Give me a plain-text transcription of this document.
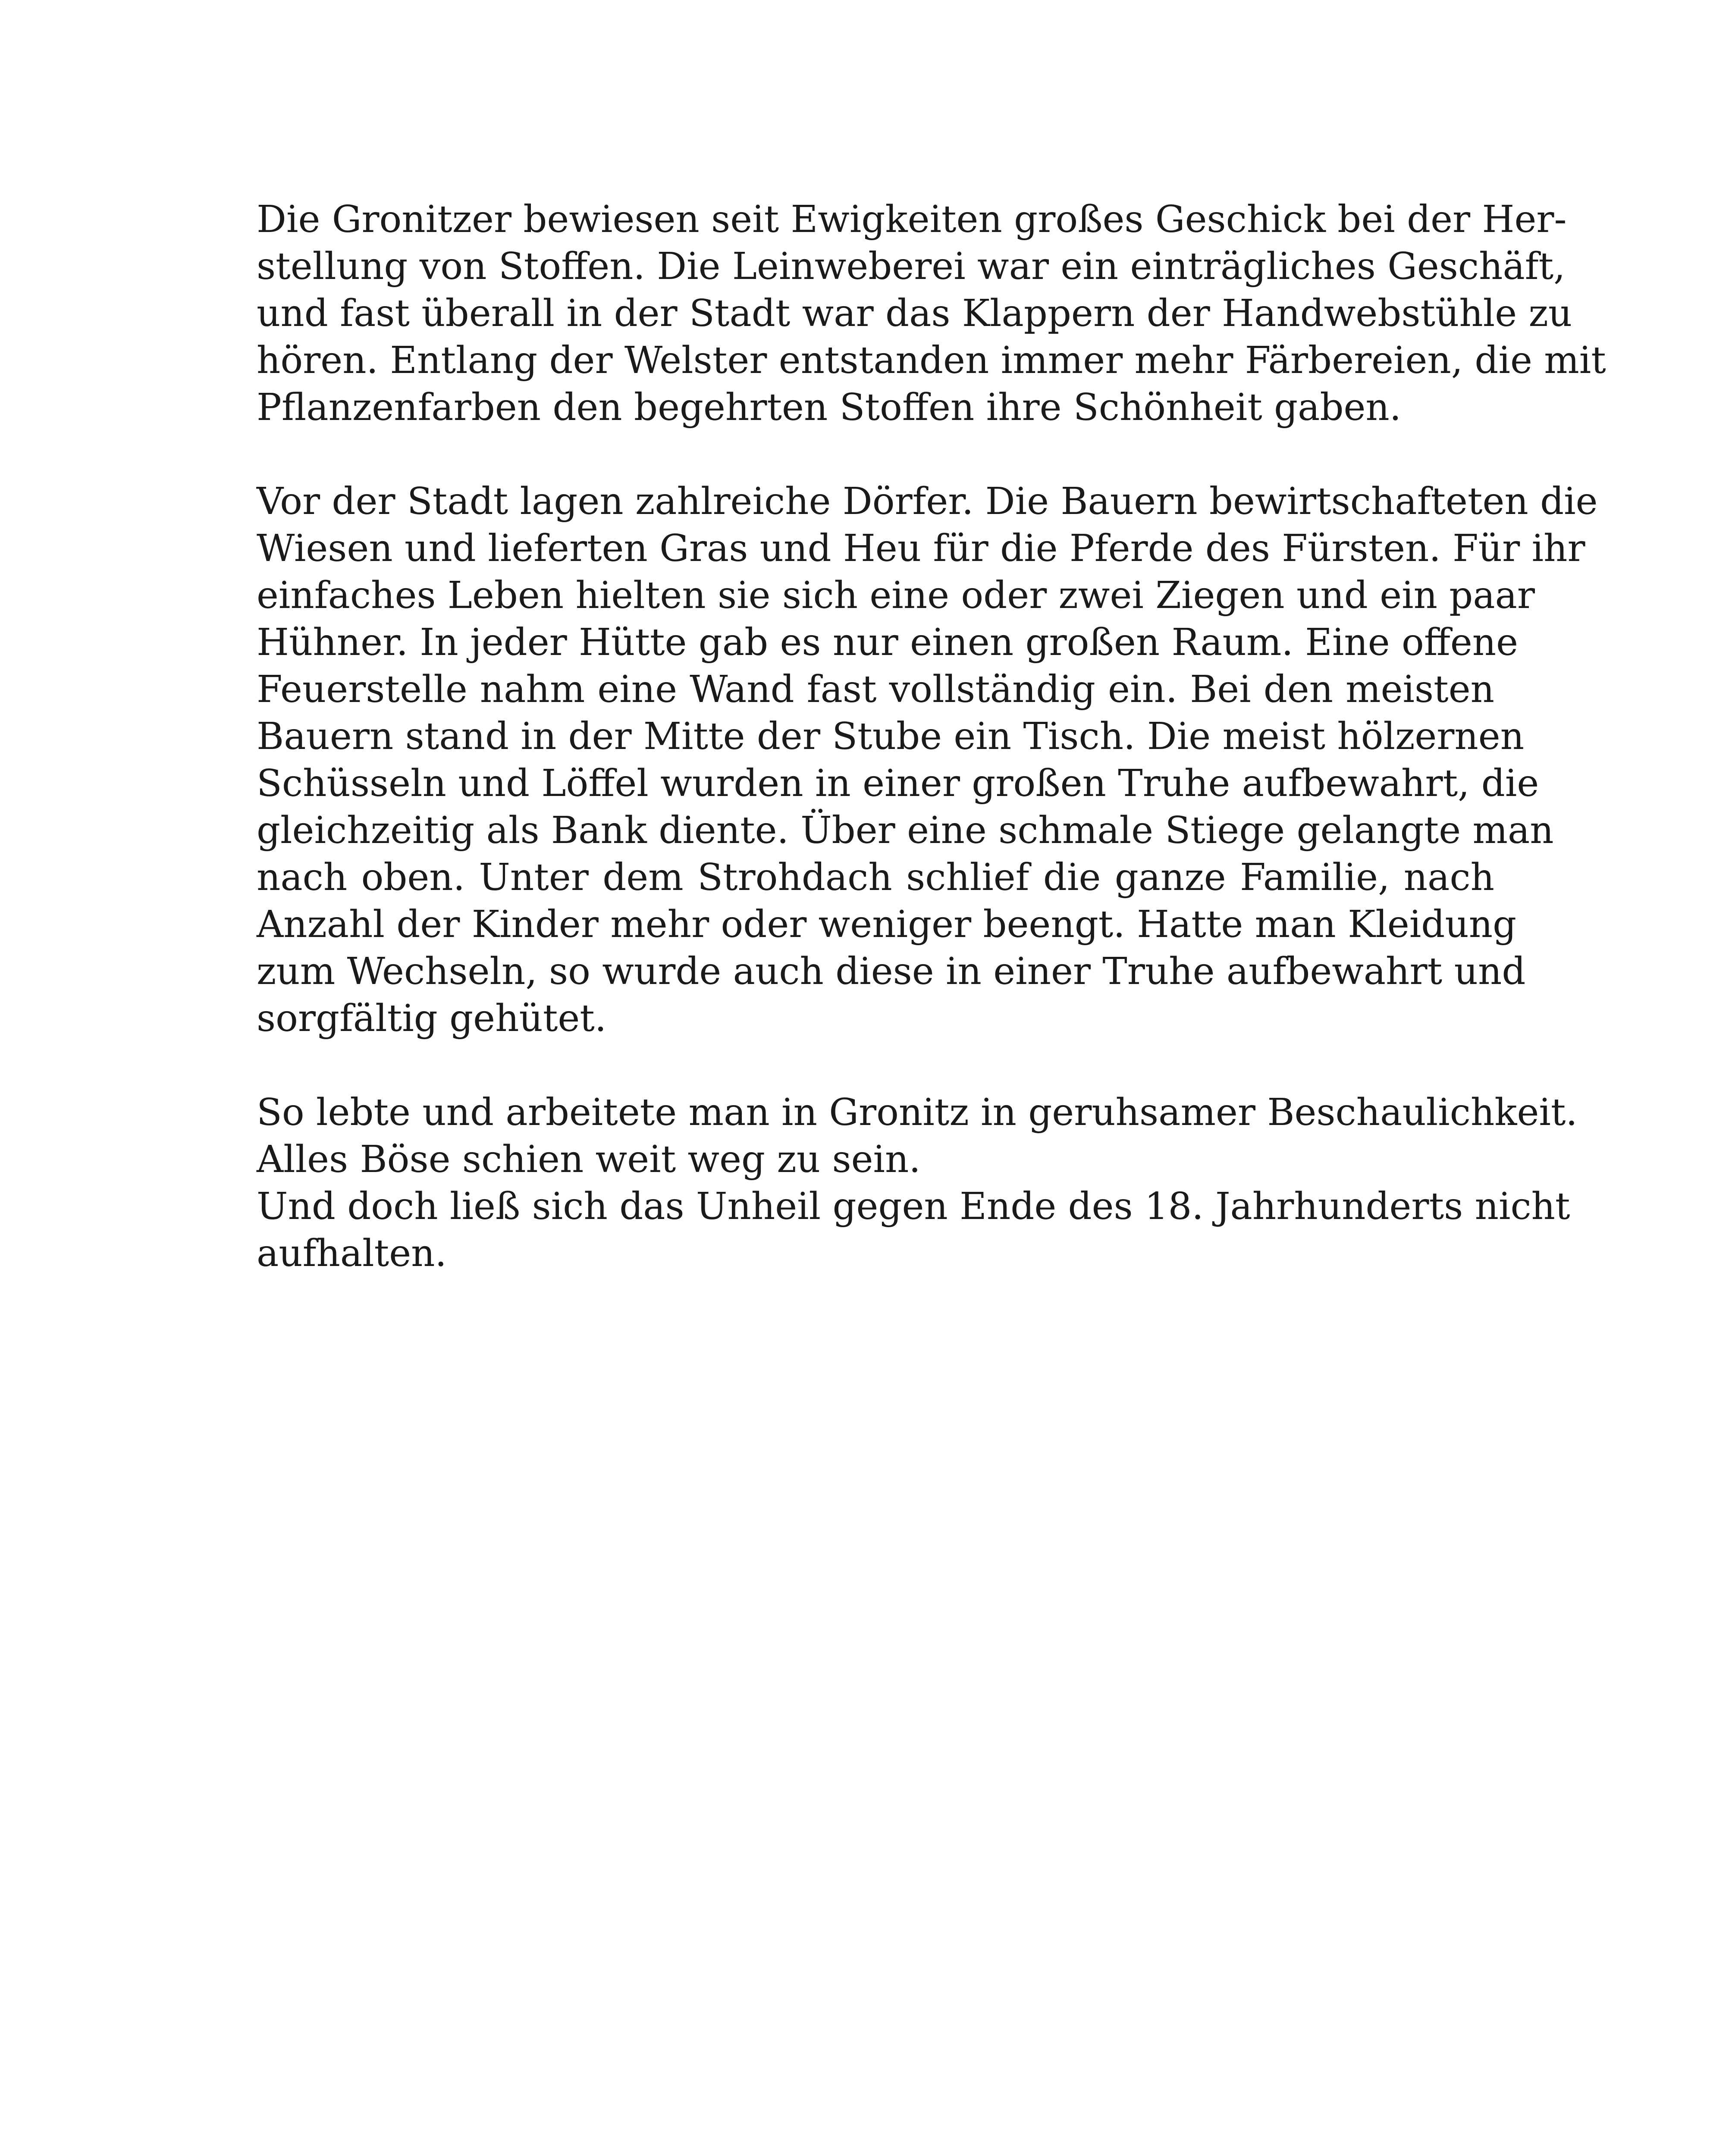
Die Gronitzer bewiesen seit Ewigkeiten großes Geschick bei der Her-
stellung von Stoffen. Die Leinweberei war ein einträgliches Geschäft,
und fast überall in der Stadt war das Klappern der Handwebstühle zu
hören. Entlang der Welster entstanden immer mehr Färbereien, die mit
Pflanzenfarben den begehrten Stoffen ihre Schönheit gaben.

Vor der Stadt lagen zahlreiche Dörfer. Die Bauern bewirtschafteten die
Wiesen und lieferten Gras und Heu für die Pferde des Fürsten. Für ihr
einfaches Leben hielten sie sich eine oder zwei Ziegen und ein paar
Hühner. In jeder Hütte gab es nur einen großen Raum. Eine offene
Feuerstelle nahm eine Wand fast vollständig ein. Bei den meisten
Bauern stand in der Mitte der Stube ein Tisch. Die meist hölzernen
Schüsseln und Löffel wurden in einer großen Truhe aufbewahrt, die
gleichzeitig als Bank diente. Über eine schmale Stiege gelangte man
nach oben. Unter dem Strohdach schlief die ganze Familie, nach
Anzahl der Kinder mehr oder weniger beengt. Hatte man Kleidung
zum Wechseln, so wurde auch diese in einer Truhe aufbewahrt und
sorgfältig gehütet.

So lebte und arbeitete man in Gronitz in geruhsamer Beschaulichkeit.
Alles Böse schien weit weg zu sein.
Und doch ließ sich das Unheil gegen Ende des 18. Jahrhunderts nicht
aufhalten.
